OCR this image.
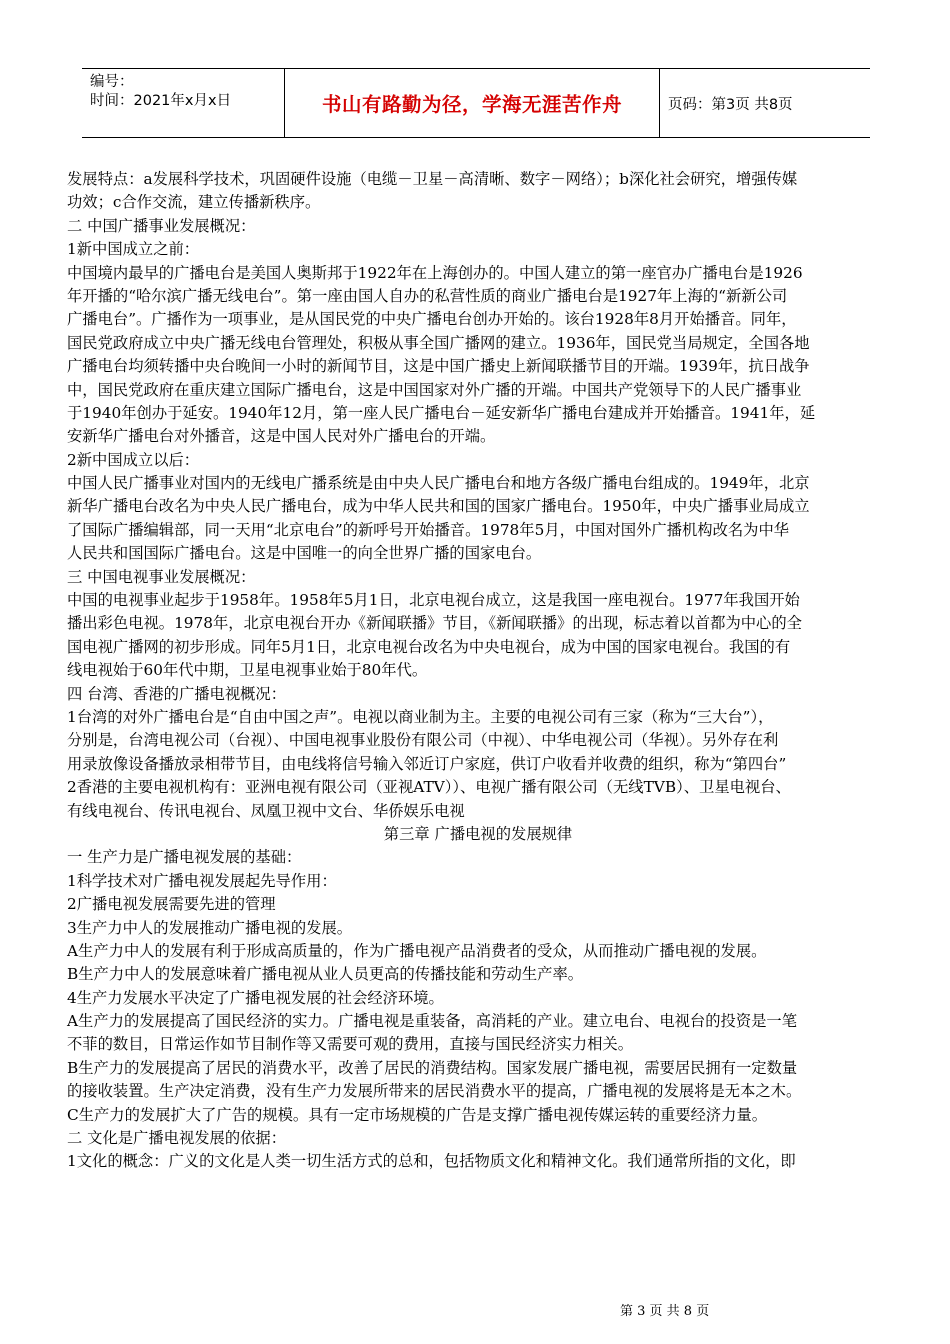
编号：
时间：2021年x月x日	书山有路勤为径，学海无涯苦作舟	页码：第3页 共8页
发展特点：a发展科学技术，巩固硬件设施（电缆－卫星－高清晰、数字－网络）；b深化社会研究，增强传媒
功效；c合作交流，建立传播新秩序。
二 中国广播事业发展概况：
1新中国成立之前：
中国境内最早的广播电台是美国人奥斯邦于1922年在上海创办的。中国人建立的第一座官办广播电台是1926
年开播的“哈尔滨广播无线电台”。第一座由国人自办的私营性质的商业广播电台是1927年上海的“新新公司
广播电台”。广播作为一项事业，是从国民党的中央广播电台创办开始的。该台1928年8月开始播音。同年，
国民党政府成立中央广播无线电台管理处，积极从事全国广播网的建立。1936年，国民党当局规定，全国各地
广播电台均须转播中央台晚间一小时的新闻节目，这是中国广播史上新闻联播节目的开端。1939年，抗日战争
中，国民党政府在重庆建立国际广播电台，这是中国国家对外广播的开端。中国共产党领导下的人民广播事业
于1940年创办于延安。1940年12月，第一座人民广播电台－延安新华广播电台建成并开始播音。1941年，延
安新华广播电台对外播音，这是中国人民对外广播电台的开端。
2新中国成立以后：
中国人民广播事业对国内的无线电广播系统是由中央人民广播电台和地方各级广播电台组成的。1949年，北京
新华广播电台改名为中央人民广播电台，成为中华人民共和国的国家广播电台。1950年，中央广播事业局成立
了国际广播编辑部，同一天用“北京电台”的新呼号开始播音。1978年5月，中国对国外广播机构改名为中华
人民共和国国际广播电台。这是中国唯一的向全世界广播的国家电台。
三 中国电视事业发展概况：
中国的电视事业起步于1958年。1958年5月1日，北京电视台成立，这是我国一座电视台。1977年我国开始
播出彩色电视。1978年，北京电视台开办《新闻联播》节目，《新闻联播》的出现，标志着以首都为中心的全
国电视广播网的初步形成。同年5月1日，北京电视台改名为中央电视台，成为中国的国家电视台。我国的有
线电视始于60年代中期，卫星电视事业始于80年代。
四 台湾、香港的广播电视概况：
1台湾的对外广播电台是“自由中国之声”。电视以商业制为主。主要的电视公司有三家（称为“三大台”），
分别是，台湾电视公司（台视）、中国电视事业股份有限公司（中视）、中华电视公司（华视）。另外存在利
用录放像设备播放录相带节目，由电线将信号输入邻近订户家庭，供订户收看并收费的组织，称为“第四台”
2香港的主要电视机构有：亚洲电视有限公司（亚视ATV））、电视广播有限公司（无线TVB）、卫星电视台、
有线电视台、传讯电视台、凤凰卫视中文台、华侨娱乐电视
第三章 广播电视的发展规律
一 生产力是广播电视发展的基础：
1科学技术对广播电视发展起先导作用：
2广播电视发展需要先进的管理
3生产力中人的发展推动广播电视的发展。
A生产力中人的发展有利于形成高质量的，作为广播电视产品消费者的受众，从而推动广播电视的发展。
B生产力中人的发展意味着广播电视从业人员更高的传播技能和劳动生产率。
4生产力发展水平决定了广播电视发展的社会经济环境。
A生产力的发展提高了国民经济的实力。广播电视是重装备，高消耗的产业。建立电台、电视台的投资是一笔
不菲的数目，日常运作如节目制作等又需要可观的费用，直接与国民经济实力相关。
B生产力的发展提高了居民的消费水平，改善了居民的消费结构。国家发展广播电视，需要居民拥有一定数量
的接收装置。生产决定消费，没有生产力发展所带来的居民消费水平的提高，广播电视的发展将是无本之木。
C生产力的发展扩大了广告的规模。具有一定市场规模的广告是支撑广播电视传媒运转的重要经济力量。
二 文化是广播电视发展的依据：
1文化的概念：广义的文化是人类一切生活方式的总和，包括物质文化和精神文化。我们通常所指的文化，即
第 3 页 共 8 页
